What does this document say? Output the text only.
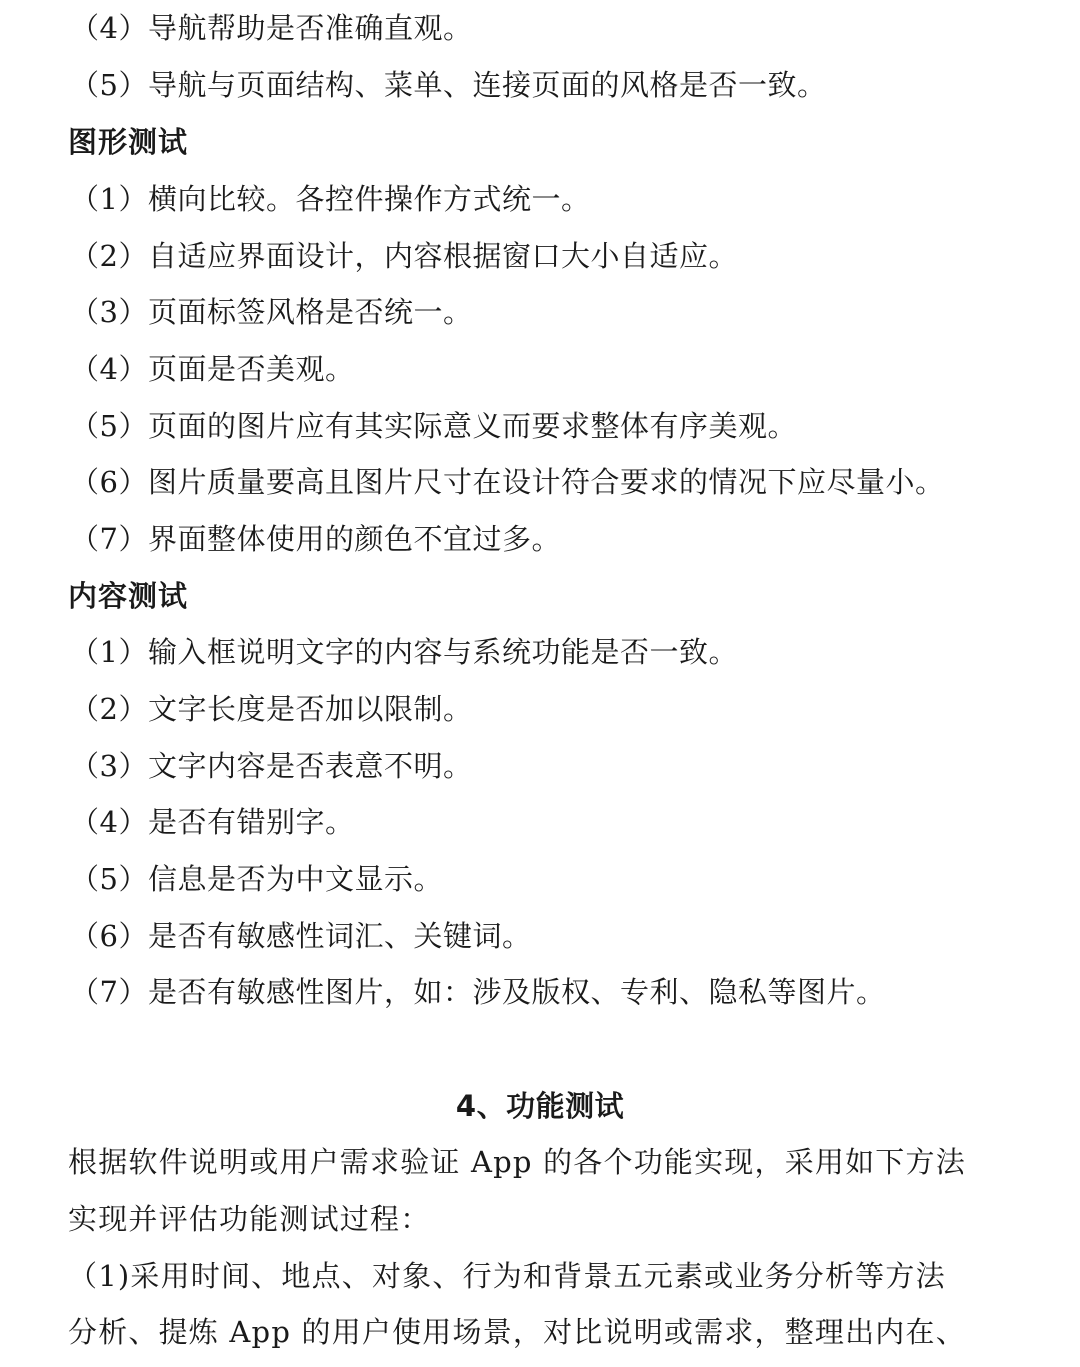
（4）导航帮助是否准确直观。
（5）导航与页面结构、菜单、连接页面的风格是否一致。
图形测试
（1）横向比较。各控件操作方式统一。
（2）自适应界面设计，内容根据窗口大小自适应。
（3）页面标签风格是否统一。
（4）页面是否美观。
（5）页面的图片应有其实际意义而要求整体有序美观。
（6）图片质量要高且图片尺寸在设计符合要求的情况下应尽量小。
（7）界面整体使用的颜色不宜过多。
内容测试
（1）输入框说明文字的内容与系统功能是否一致。
（2）文字长度是否加以限制。
（3）文字内容是否表意不明。
（4）是否有错别字。
（5）信息是否为中文显示。
（6）是否有敏感性词汇、关键词。
（7）是否有敏感性图片，如：涉及版权、专利、隐私等图片。
4、功能测试
根据软件说明或用户需求验证 App 的各个功能实现，采用如下方法
实现并评估功能测试过程：
（1)采用时间、地点、对象、行为和背景五元素或业务分析等方法
分析、提炼 App 的用户使用场景，对比说明或需求，整理出内在、
